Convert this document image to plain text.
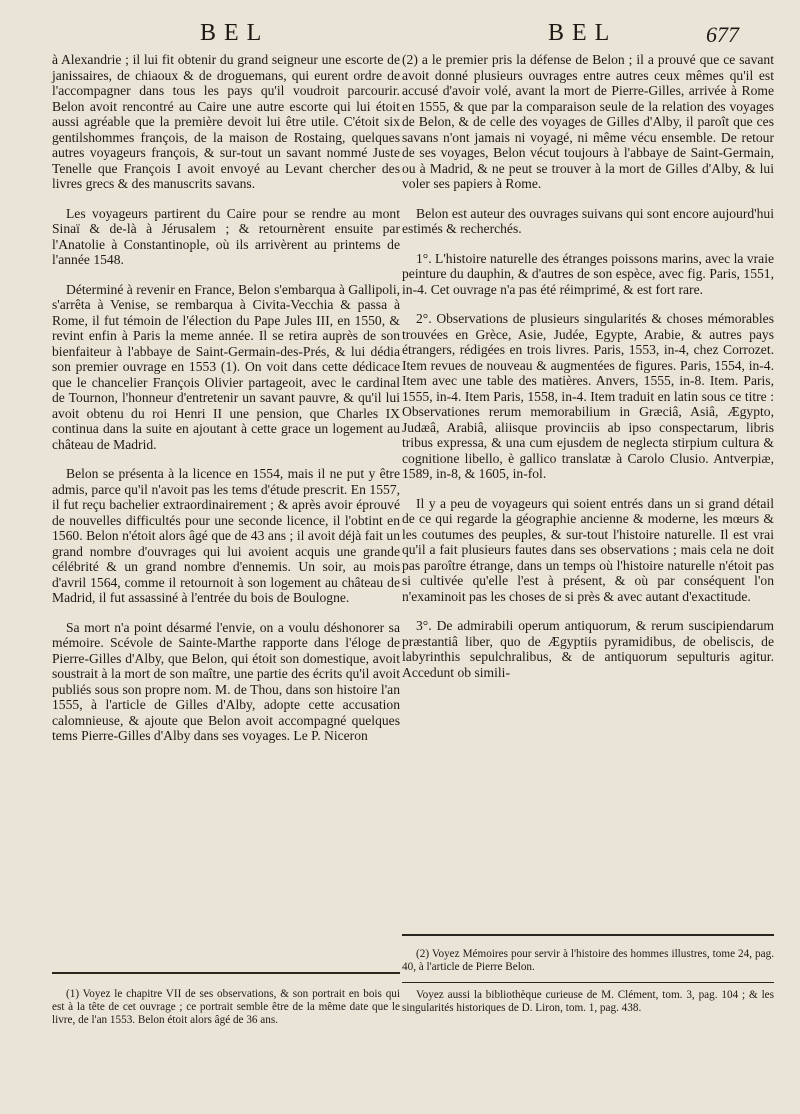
BEL	BEL	677

à Alexandrie ; il lui fit obtenir du grand seigneur une escorte de janissaires, de chiaoux & de droguemans, qui eurent ordre de l'accompagner dans tous les pays qu'il voudroit parcourir. Belon avoit rencontré au Caire une autre escorte qui lui étoit aussi agréable que la première devoit lui être utile. C'étoit six gentilshommes françois, de la maison de Rostaing, quelques autres voyageurs françois, & sur-tout un savant nommé Juste Tenelle que François I avoit envoyé au Levant chercher des livres grecs & des manuscrits savans.

Les voyageurs partirent du Caire pour se rendre au mont Sinaï & de-là à Jérusalem ; & retournèrent ensuite par l'Anatolie à Constantinople, où ils arrivèrent au printems de l'année 1548.

Déterminé à revenir en France, Belon s'embarqua à Gallipoli, s'arrêta à Venise, se rembarqua à Civita-Vecchia & passa à Rome, il fut témoin de l'élection du Pape Jules III, en 1550, & revint enfin à Paris la meme année. Il se retira auprès de son bienfaiteur à l'abbaye de Saint-Germain-des-Prés, & lui dédia son premier ouvrage en 1553 (1). On voit dans cette dédicace que le chancelier François Olivier partageoit, avec le cardinal de Tournon, l'honneur d'entretenir un savant pauvre, & qu'il lui avoit obtenu du roi Henri II une pension, que Charles IX continua dans la suite en ajoutant à cette grace un logement au château de Madrid.

Belon se présenta à la licence en 1554, mais il ne put y être admis, parce qu'il n'avoit pas les tems d'étude prescrit. En 1557, il fut reçu bachelier extraordinairement ; & après avoir éprouvé de nouvelles difficultés pour une seconde licence, il l'obtint en 1560. Belon n'étoit alors âgé que de 43 ans ; il avoit déjà fait un grand nombre d'ouvrages qui lui avoient acquis une grande célébrité & un grand nombre d'ennemis. Un soir, au mois d'avril 1564, comme il retournoit à son logement au château de Madrid, il fut assassiné à l'entrée du bois de Boulogne.

Sa mort n'a point désarmé l'envie, on a voulu déshonorer sa mémoire. Scévole de Sainte-Marthe rapporte dans l'éloge de Pierre-Gilles d'Alby, que Belon, qui étoit son domestique, avoit soustrait à la mort de son maître, une partie des écrits qu'il avoit publiés sous son propre nom. M. de Thou, dans son histoire l'an 1555, à l'article de Gilles d'Alby, adopte cette accusation calomnieuse, & ajoute que Belon avoit accompagné quelques tems Pierre-Gilles d'Alby dans ses voyages. Le P. Niceron

(2) a le premier pris la défense de Belon ; il a prouvé que ce savant avoit donné plusieurs ouvrages entre autres ceux mêmes qu'il est accusé d'avoir volé, avant la mort de Pierre-Gilles, arrivée à Rome en 1555, & que par la comparaison seule de la relation des voyages de Belon, & de celle des voyages de Gilles d'Alby, il paroît que ces savans n'ont jamais ni voyagé, ni même vécu ensemble. De retour de ses voyages, Belon vécut toujours à l'abbaye de Saint-Germain, ou à Madrid, & ne peut se trouver à la mort de Gilles d'Alby, & lui voler ses papiers à Rome.

Belon est auteur des ouvrages suivans qui sont encore aujourd'hui estimés & recherchés.

1°. L'histoire naturelle des étranges poissons marins, avec la vraie peinture du dauphin, & d'autres de son espèce, avec fig. Paris, 1551, in-4. Cet ouvrage n'a pas été réimprimé, & est fort rare.

2°. Observations de plusieurs singularités & choses mémorables trouvées en Grèce, Asie, Judée, Egypte, Arabie, & autres pays étrangers, rédigées en trois livres. Paris, 1553, in-4, chez Corrozet. Item revues de nouveau & augmentées de figures. Paris, 1554, in-4. Item avec une table des matières. Anvers, 1555, in-8. Item. Paris, 1555, in-4. Item Paris, 1558, in-4. Item traduit en latin sous ce titre : Observationes rerum memorabilium in Græciâ, Asiâ, Ægypto, Judæâ, Arabiâ, aliisque provinciis ab ipso conspectarum, libris tribus expressa, & una cum ejusdem de neglecta stirpium cultura & cognitione libello, è gallico translatæ à Carolo Clusio. Antverpiæ, 1589, in-8, & 1605, in-fol.

Il y a peu de voyageurs qui soient entrés dans un si grand détail de ce qui regarde la géographie ancienne & moderne, les mœurs & les coutumes des peuples, & sur-tout l'histoire naturelle. Il est vrai qu'il a fait plusieurs fautes dans ses observations ; mais cela ne doit pas paroître étrange, dans un temps où l'histoire naturelle n'étoit pas si cultivée qu'elle l'est à présent, & où par conséquent l'on n'examinoit pas les choses de si près & avec autant d'exactitude.

3°. De admirabili operum antiquorum, & rerum suscipiendarum præstantiâ liber, quo de Ægyptiis pyramidibus, de obeliscis, de labyrinthis sepulchralibus, & de antiquorum sepulturis agitur. Accedunt ob simili-

(1) Voyez le chapitre VII de ses observations, & son portrait en bois qui est à la tête de cet ouvrage ; ce portrait semble être de la même date que le livre, de l'an 1553. Belon étoit alors âgé de 36 ans.

(2) Voyez Mémoires pour servir à l'histoire des hommes illustres, tome 24, pag. 40, à l'article de Pierre Belon.

Voyez aussi la bibliothèque curieuse de M. Clément, tom. 3, pag. 104 ; & les singularités historiques de D. Liron, tom. 1, pag. 438.
